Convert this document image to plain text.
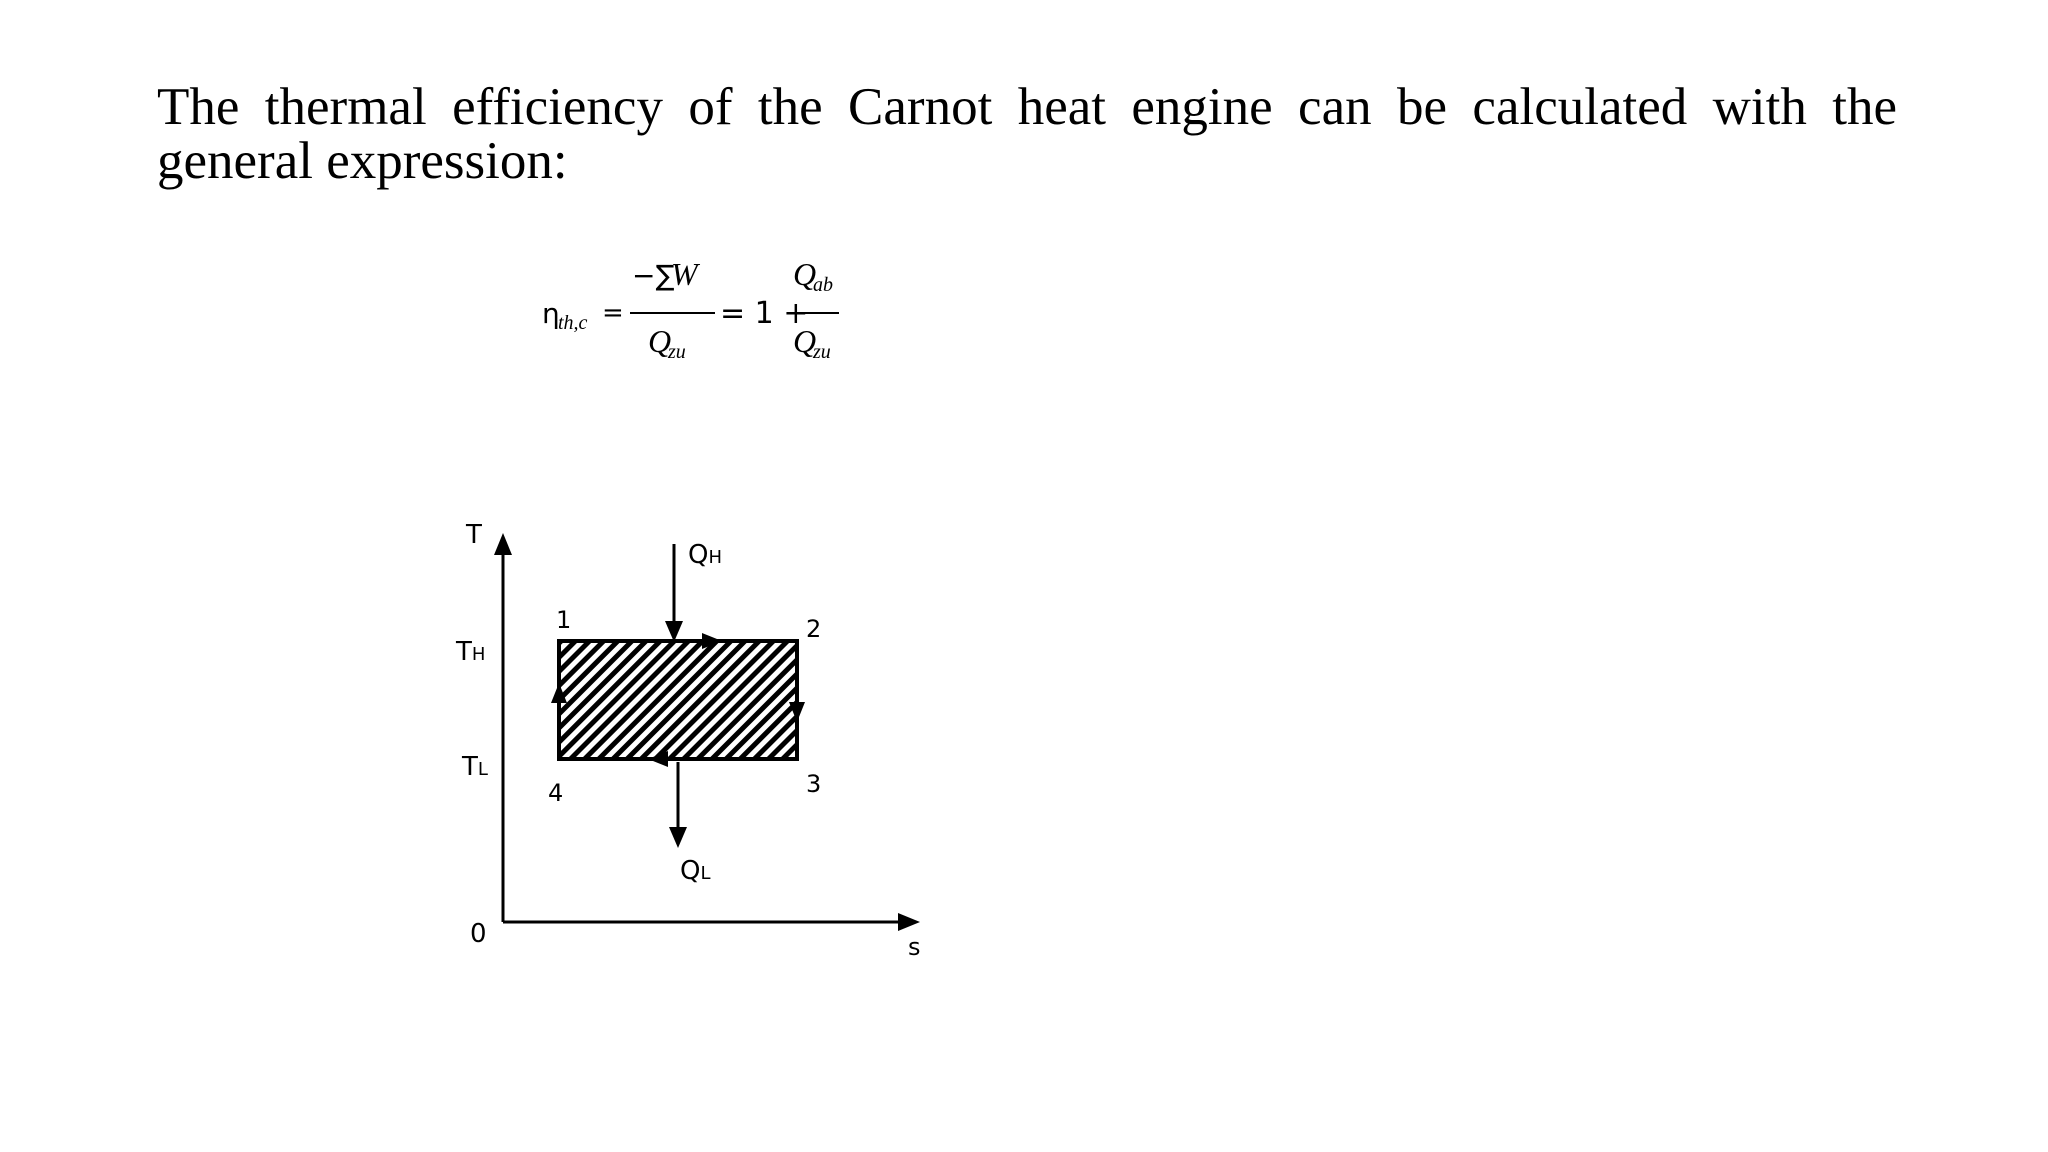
The thermal efficiency of the Carnot heat engine can be calculated with the general expression:

η
th,c =
−∑
W
Q
zu
= 1 +
Q
ab
Q
zu
T
s
0
TH
TL
QH
QL
1	2
3
4
